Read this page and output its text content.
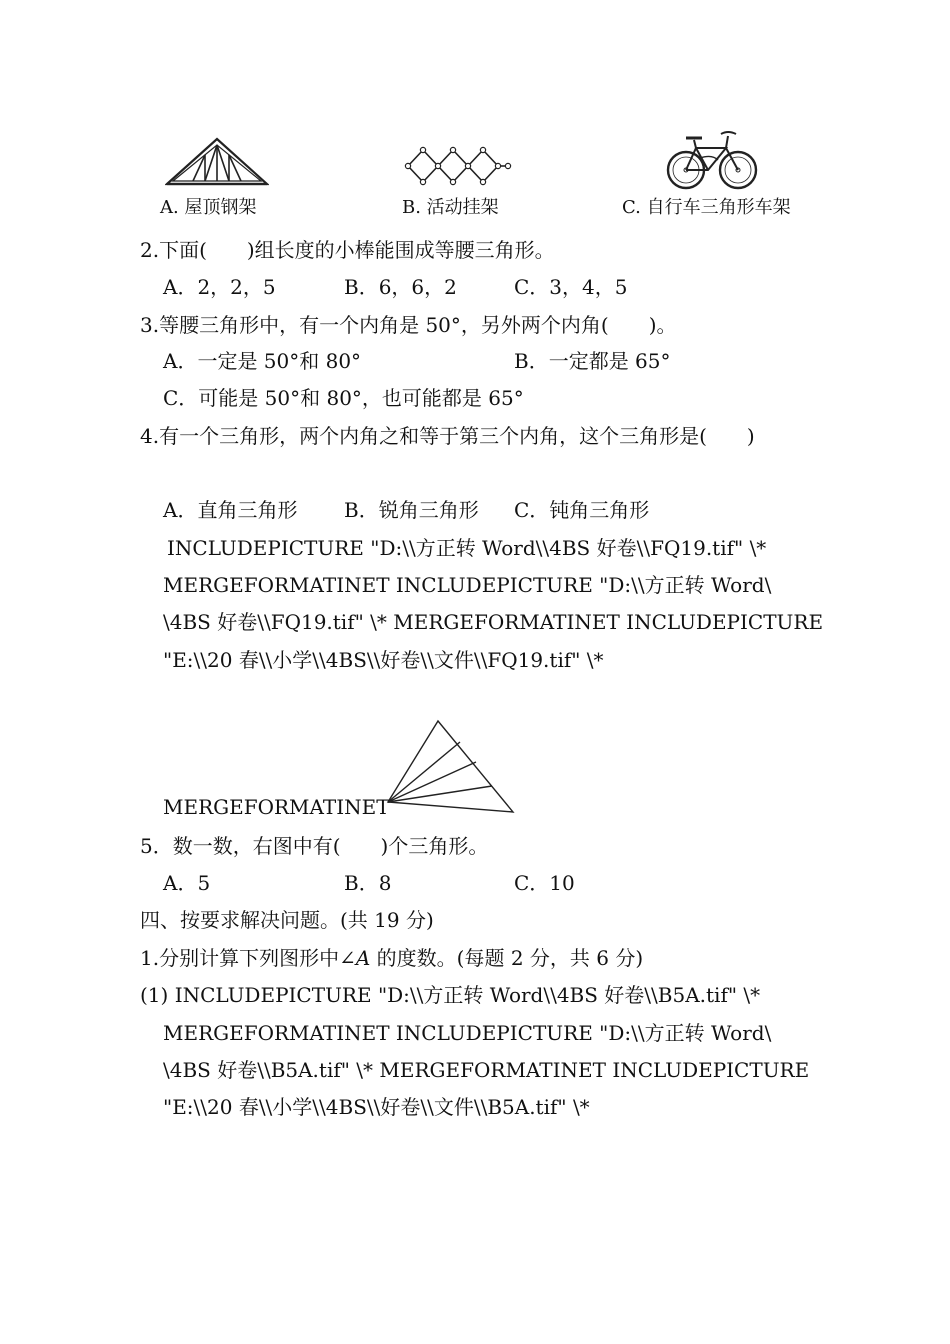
A. 屋顶钢架	B. 活动挂架	C. 自行车三角形车架
2.下面(　　)组长度的小棒能围成等腰三角形。
A．2，2，5	B．6，6，2	C．3，4，5
3.等腰三角形中，有一个内角是 50°，另外两个内角(　　)。
A．一定是 50°和 80°	B．一定都是 65°
C．可能是 50°和 80°，也可能都是 65°
4.有一个三角形，两个内角之和等于第三个内角，这个三角形是(　　)
A．直角三角形 B．锐角三角形 C．钝角三角形
INCLUDEPICTURE "D:\\方正转 Word\\4BS 好卷\\FQ19.tif" \*
MERGEFORMATINET INCLUDEPICTURE "D:\\方正转 Word\
\4BS 好卷\\FQ19.tif" \* MERGEFORMATINET INCLUDEPICTURE
"E:\\20 春\\小学\\4BS\\好卷\\文件\\FQ19.tif" \*
MERGEFORMATINET
5．数一数，右图中有(　　)个三角形。
A．5	B．8	C．10
四、按要求解决问题。(共 19 分)
1.分别计算下列图形中∠A 的度数。(每题 2 分，共 6 分)
(1) INCLUDEPICTURE "D:\\方正转 Word\\4BS 好卷\\B5A.tif" \*
MERGEFORMATINET INCLUDEPICTURE "D:\\方正转 Word\
\4BS 好卷\\B5A.tif" \* MERGEFORMATINET INCLUDEPICTURE
"E:\\20 春\\小学\\4BS\\好卷\\文件\\B5A.tif" \*
